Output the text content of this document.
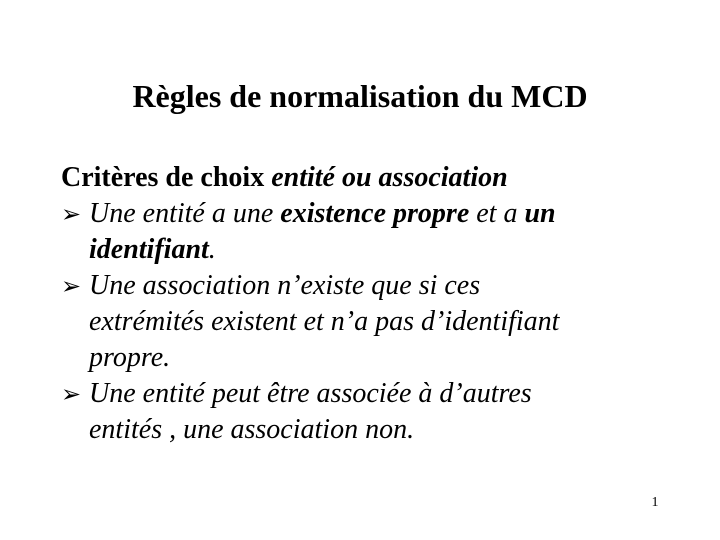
Règles de normalisation du MCD
Critères de choix entité ou association
➢ Une entité a une existence propre et a un
identifiant.
➢ Une association n’existe que si ces
extrémités existent et n’a pas d’identifiant
propre.
➢ Une entité peut être associée à d’autres
entités , une association non.
1
